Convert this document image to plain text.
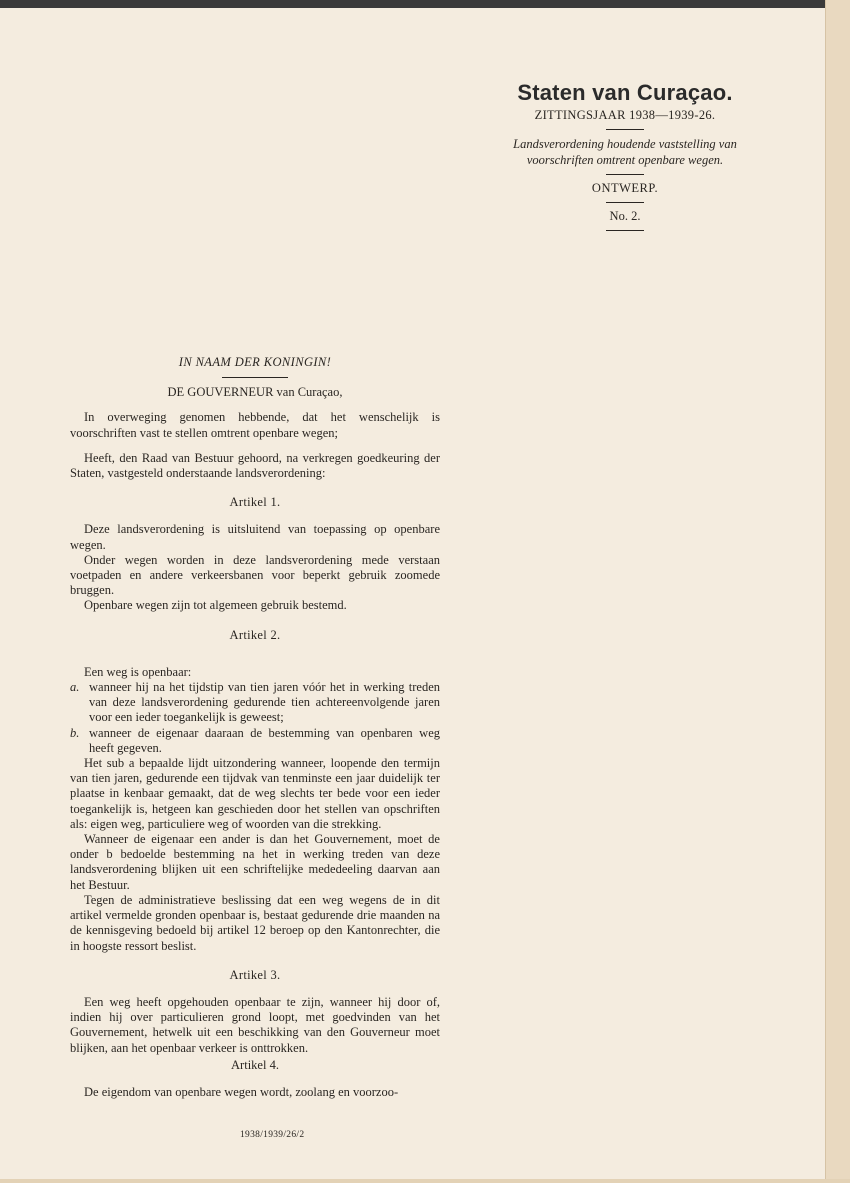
Staten van Curaçao.
ZITTINGSJAAR 1938—1939-26.
Landsverordening houdende vaststelling van voorschriften omtrent openbare wegen.
ONTWERP.
No. 2.

IN NAAM DER KONINGIN!

DE GOUVERNEUR van Curaçao,

In overweging genomen hebbende, dat het wenschelijk is voorschriften vast te stellen omtrent openbare wegen;

Heeft, den Raad van Bestuur gehoord, na verkregen goedkeuring der Staten, vastgesteld onderstaande landsverordening:

Artikel 1.

Deze landsverordening is uitsluitend van toepassing op openbare wegen.

Onder wegen worden in deze landsverordening mede verstaan voetpaden en andere verkeersbanen voor beperkt gebruik zoomede bruggen.

Openbare wegen zijn tot algemeen gebruik bestemd.

Artikel 2.

Een weg is openbaar:

a. wanneer hij na het tijdstip van tien jaren vóór het in werking treden van deze landsverordening gedurende tien achtereenvolgende jaren voor een ieder toegankelijk is geweest;
b. wanneer de eigenaar daaraan de bestemming van openbaren weg heeft gegeven.

Het sub a bepaalde lijdt uitzondering wanneer, loopende den termijn van tien jaren, gedurende een tijdvak van tenminste een jaar duidelijk ter plaatse in kenbaar gemaakt, dat de weg slechts ter bede voor een ieder toegankelijk is, hetgeen kan geschieden door het stellen van opschriften als: eigen weg, particuliere weg of woorden van die strekking.

Wanneer de eigenaar een ander is dan het Gouvernement, moet de onder b bedoelde bestemming na het in werking treden van deze landsverordening blijken uit een schriftelijke mededeeling daarvan aan het Bestuur.

Tegen de administratieve beslissing dat een weg wegens de in dit artikel vermelde gronden openbaar is, bestaat gedurende drie maanden na de kennisgeving bedoeld bij artikel 12 beroep op den Kantonrechter, die in hoogste ressort beslist.

Artikel 3.

Een weg heeft opgehouden openbaar te zijn, wanneer hij door of, indien hij over particulieren grond loopt, met goedvinden van het Gouvernement, hetwelk uit een beschikking van den Gouverneur moet blijken, aan het openbaar verkeer is onttrokken.

Artikel 4.

De eigendom van openbare wegen wordt, zoolang en voorzoo-

1938/1939/26/2
